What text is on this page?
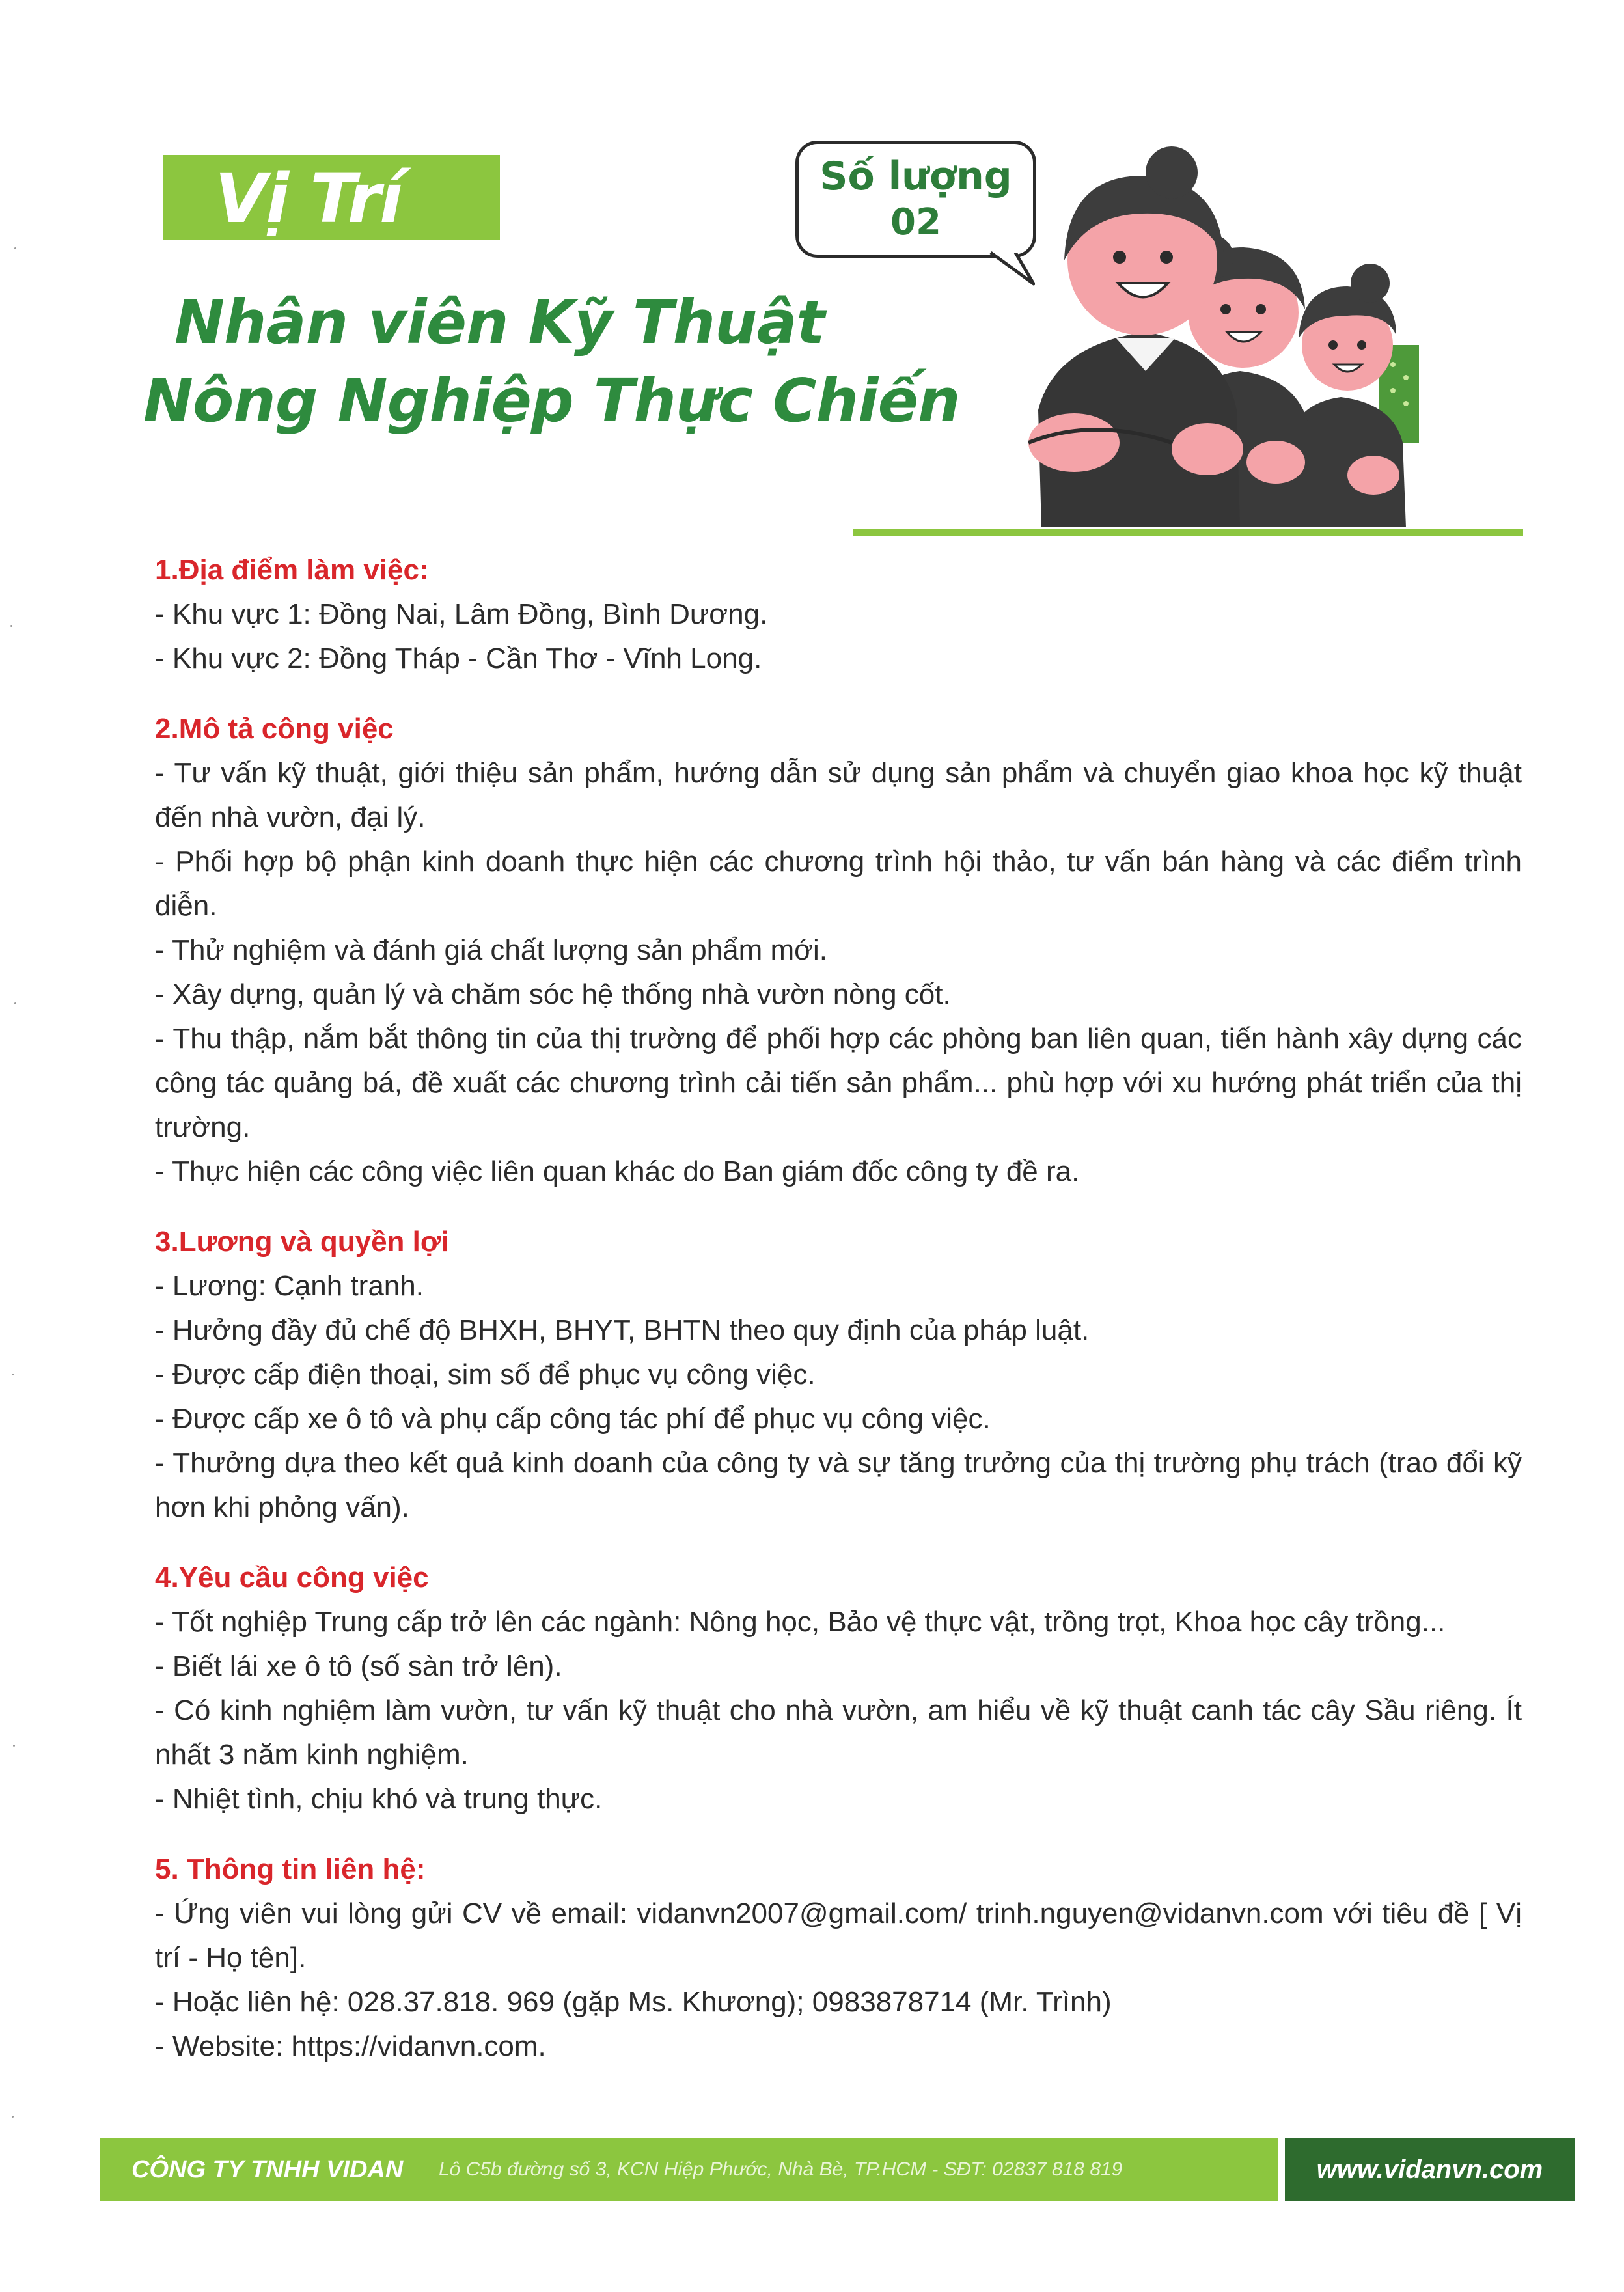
Vị Trí	Số lượng
02
Nhân viên Kỹ Thuật
Nông Nghiệp Thực Chiến

1.Địa điểm làm việc:

- Khu vực 1: Đồng Nai, Lâm Đồng, Bình Dương.

- Khu vực 2: Đồng Tháp - Cần Thơ - Vĩnh Long.

2.Mô tả công việc

- Tư vấn kỹ thuật, giới thiệu sản phẩm, hướng dẫn sử dụng sản phẩm và chuyển giao khoa học kỹ thuật đến nhà vườn, đại lý.

- Phối hợp bộ phận kinh doanh thực hiện các chương trình hội thảo, tư vấn bán hàng và các điểm trình diễn.

- Thử nghiệm và đánh giá chất lượng sản phẩm mới.

- Xây dựng, quản lý và chăm sóc hệ thống nhà vườn nòng cốt.

- Thu thập, nắm bắt thông tin của thị trường để phối hợp các phòng ban liên quan, tiến hành xây dựng các công tác quảng bá, đề xuất các chương trình cải tiến sản phẩm... phù hợp với xu hướng phát triển của thị trường.

- Thực hiện các công việc liên quan khác do Ban giám đốc công ty đề ra.

3.Lương và quyền lợi

- Lương: Cạnh tranh.

- Hưởng đầy đủ chế độ BHXH, BHYT, BHTN theo quy định của pháp luật.

- Được cấp điện thoại, sim số để phục vụ công việc.

- Được cấp xe ô tô và phụ cấp công tác phí để phục vụ công việc.

- Thưởng dựa theo kết quả kinh doanh của công ty và sự tăng trưởng của thị trường phụ trách (trao đổi kỹ hơn khi phỏng vấn).

4.Yêu cầu công việc

- Tốt nghiệp Trung cấp trở lên các ngành: Nông học, Bảo vệ thực vật, trồng trọt, Khoa học cây trồng...

- Biết lái xe ô tô (số sàn trở lên).

- Có kinh nghiệm làm vườn, tư vấn kỹ thuật cho nhà vườn, am hiểu về kỹ thuật canh tác cây Sầu riêng. Ít nhất 3 năm kinh nghiệm.

- Nhiệt tình, chịu khó và trung thực.

5. Thông tin liên hệ:

- Ứng viên vui lòng gửi CV về email: vidanvn2007@gmail.com/ trinh.nguyen@vidanvn.com với tiêu đề [ Vị trí - Họ tên].

- Hoặc liên hệ: 028.37.818. 969 (gặp Ms. Khương); 0983878714 (Mr. Trình)

- Website: https://vidanvn.com.

CÔNG TY TNHH VIDAN Lô C5b đường số 3, KCN Hiệp Phước, Nhà Bè, TP.HCM - SĐT: 02837 818 819	www.vidanvn.com
